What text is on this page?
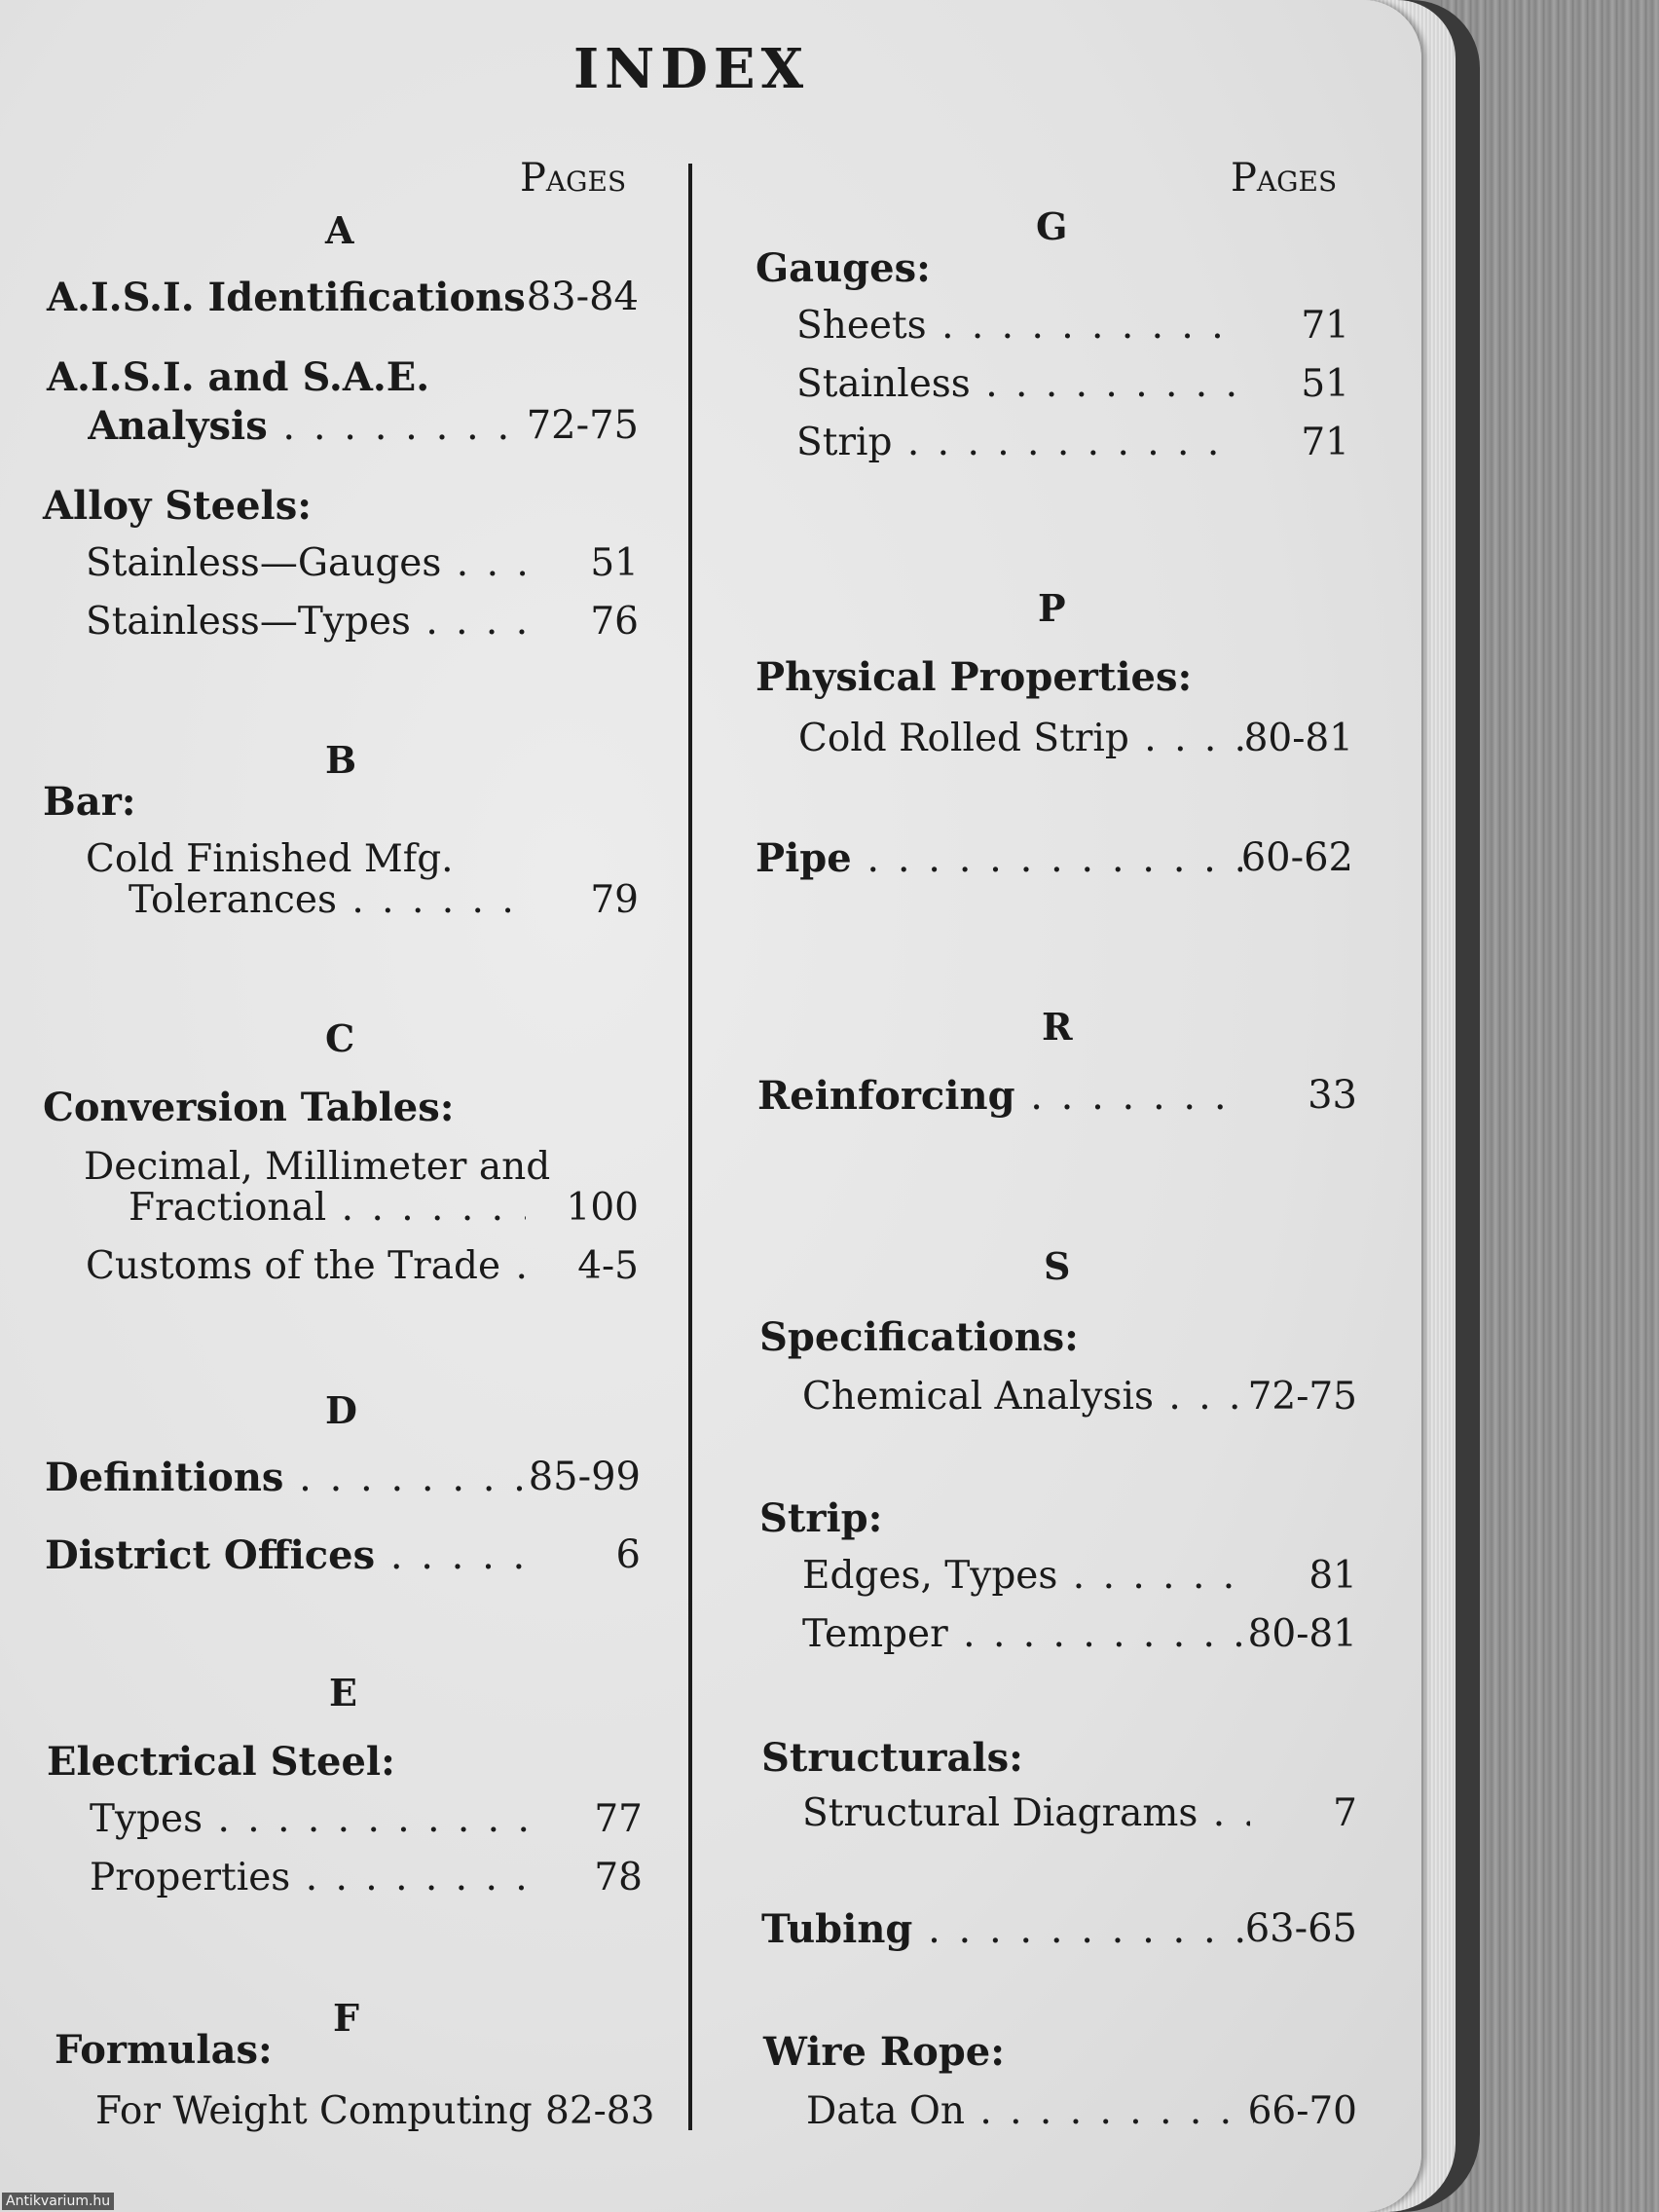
INDEX
Pages
A
A.I.S.I. Identifications 83-84
A.I.S.I. and S.A.E.
Analysis . . .	72-75
Alloy Steels:
Stainless—Gauges . . .	51
Stainless—Types . . .	76
B
Bar:
Cold Finished Mfg.
Tolerances . . .	79
C
Conversion Tables:
Decimal, Millimeter and
Fractional . . .	100
Customs of the Trade . . .	4-5
D
Definitions . . .	85-99
District Offices . . .	6
E
Electrical Steel:
Types . . .	77
Properties . . .	78
F
Formulas:
For Weight Computing 82-83
Pages
G
Gauges:
Sheets . . .	71
Stainless . . .	51
Strip . . .	71
P
Physical Properties:
Cold Rolled Strip . . .	80-81
Pipe . . .	60-62
R
Reinforcing . . .	33
S
Specifications:
Chemical Analysis . . .	72-75
Strip:
Edges, Types . . .	81
Temper . . .	80-81
Structurals:
Structural Diagrams . . .	7
Tubing . . .	63-65
Wire Rope:
Data On . . .	66-70
Antikvarium.hu
